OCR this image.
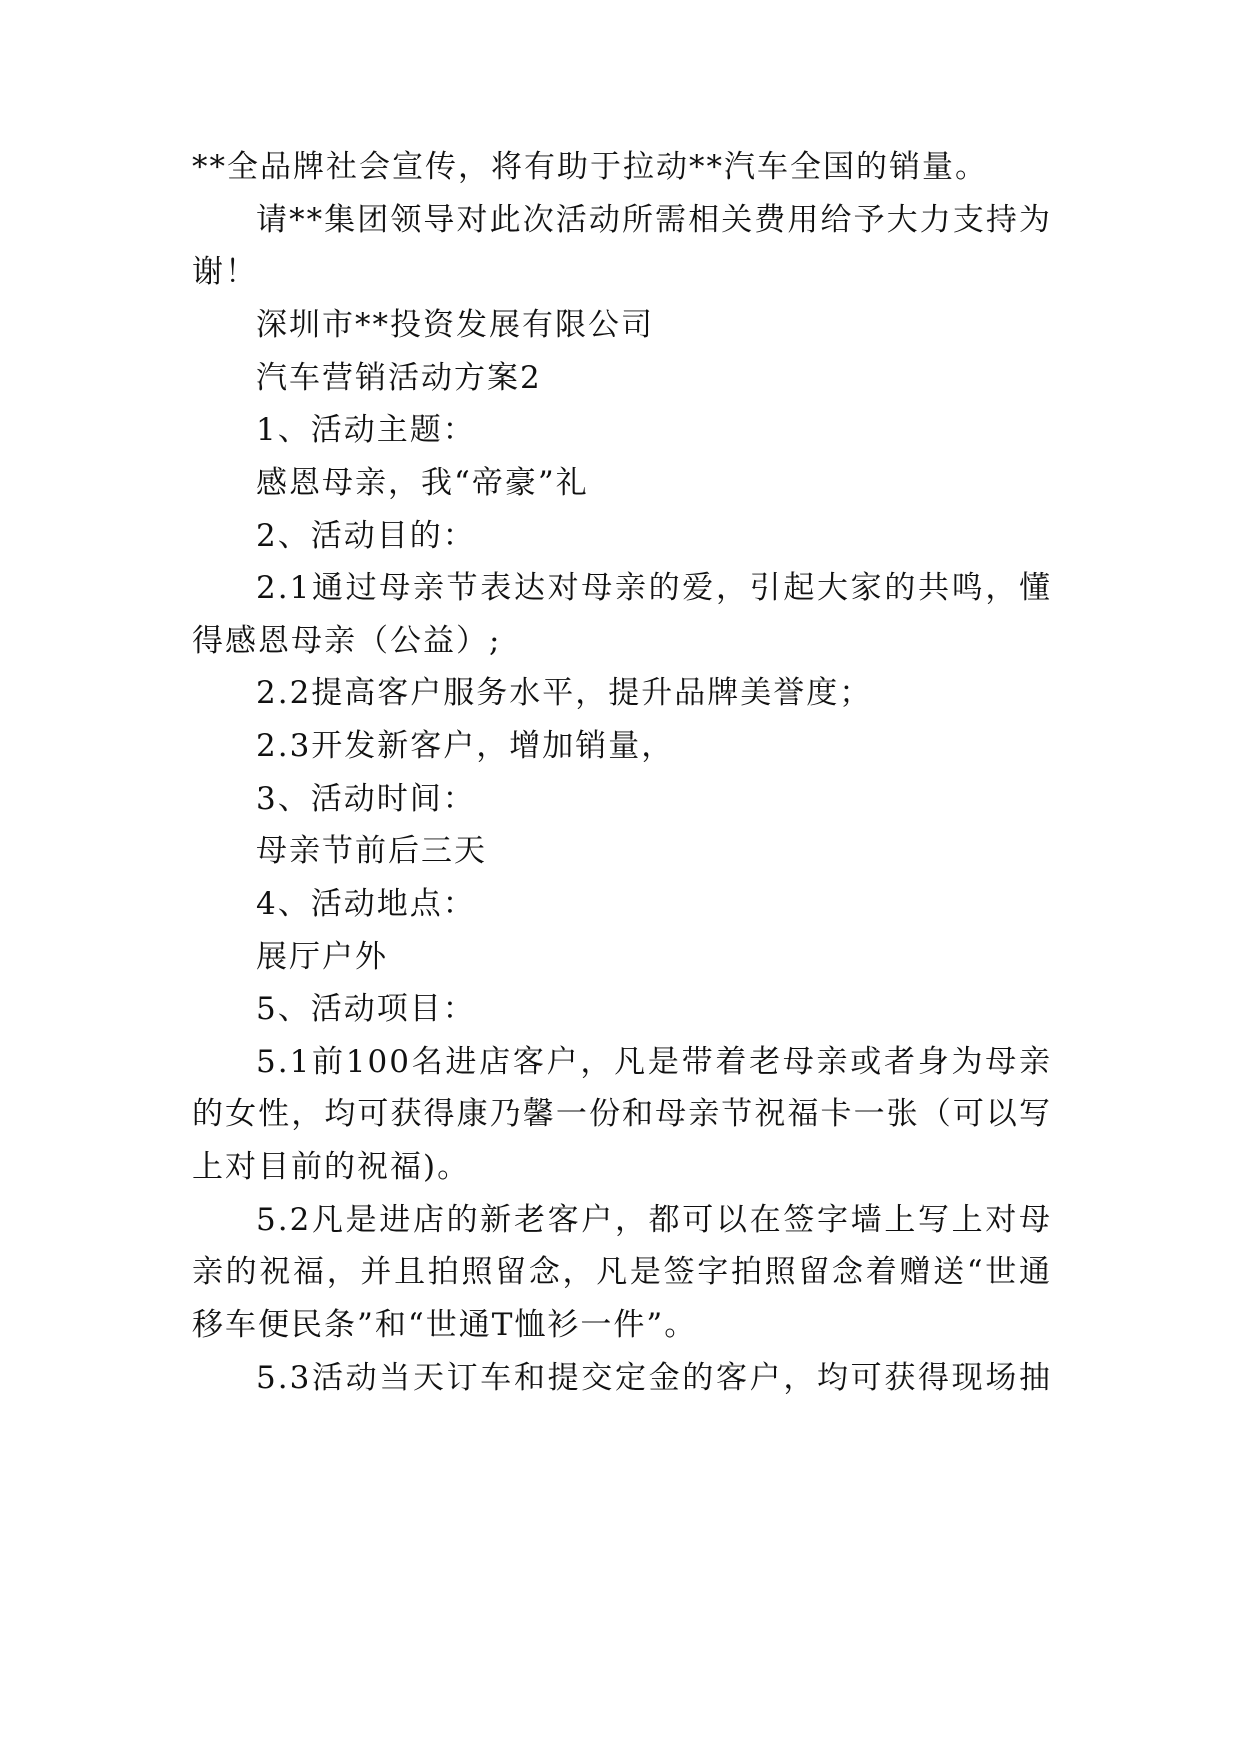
**全品牌社会宣传，将有助于拉动**汽车全国的销量。
请**集团领导对此次活动所需相关费用给予大力支持为
谢！
深圳市**投资发展有限公司
汽车营销活动方案2
1、活动主题：
感恩母亲，我“帝豪”礼
2、活动目的：
2.1通过母亲节表达对母亲的爱，引起大家的共鸣，懂
得感恩母亲（公益）;
2.2提高客户服务水平，提升品牌美誉度；
2.3开发新客户，增加销量，
3、活动时间：
母亲节前后三天
4、活动地点：
展厅户外
5、活动项目：
5.1前100名进店客户，凡是带着老母亲或者身为母亲
的女性，均可获得康乃馨一份和母亲节祝福卡一张（可以写
上对目前的祝福)。
5.2凡是进店的新老客户，都可以在签字墙上写上对母
亲的祝福，并且拍照留念，凡是签字拍照留念着赠送“世通
移车便民条”和“世通T恤衫一件”。
5.3活动当天订车和提交定金的客户，均可获得现场抽
